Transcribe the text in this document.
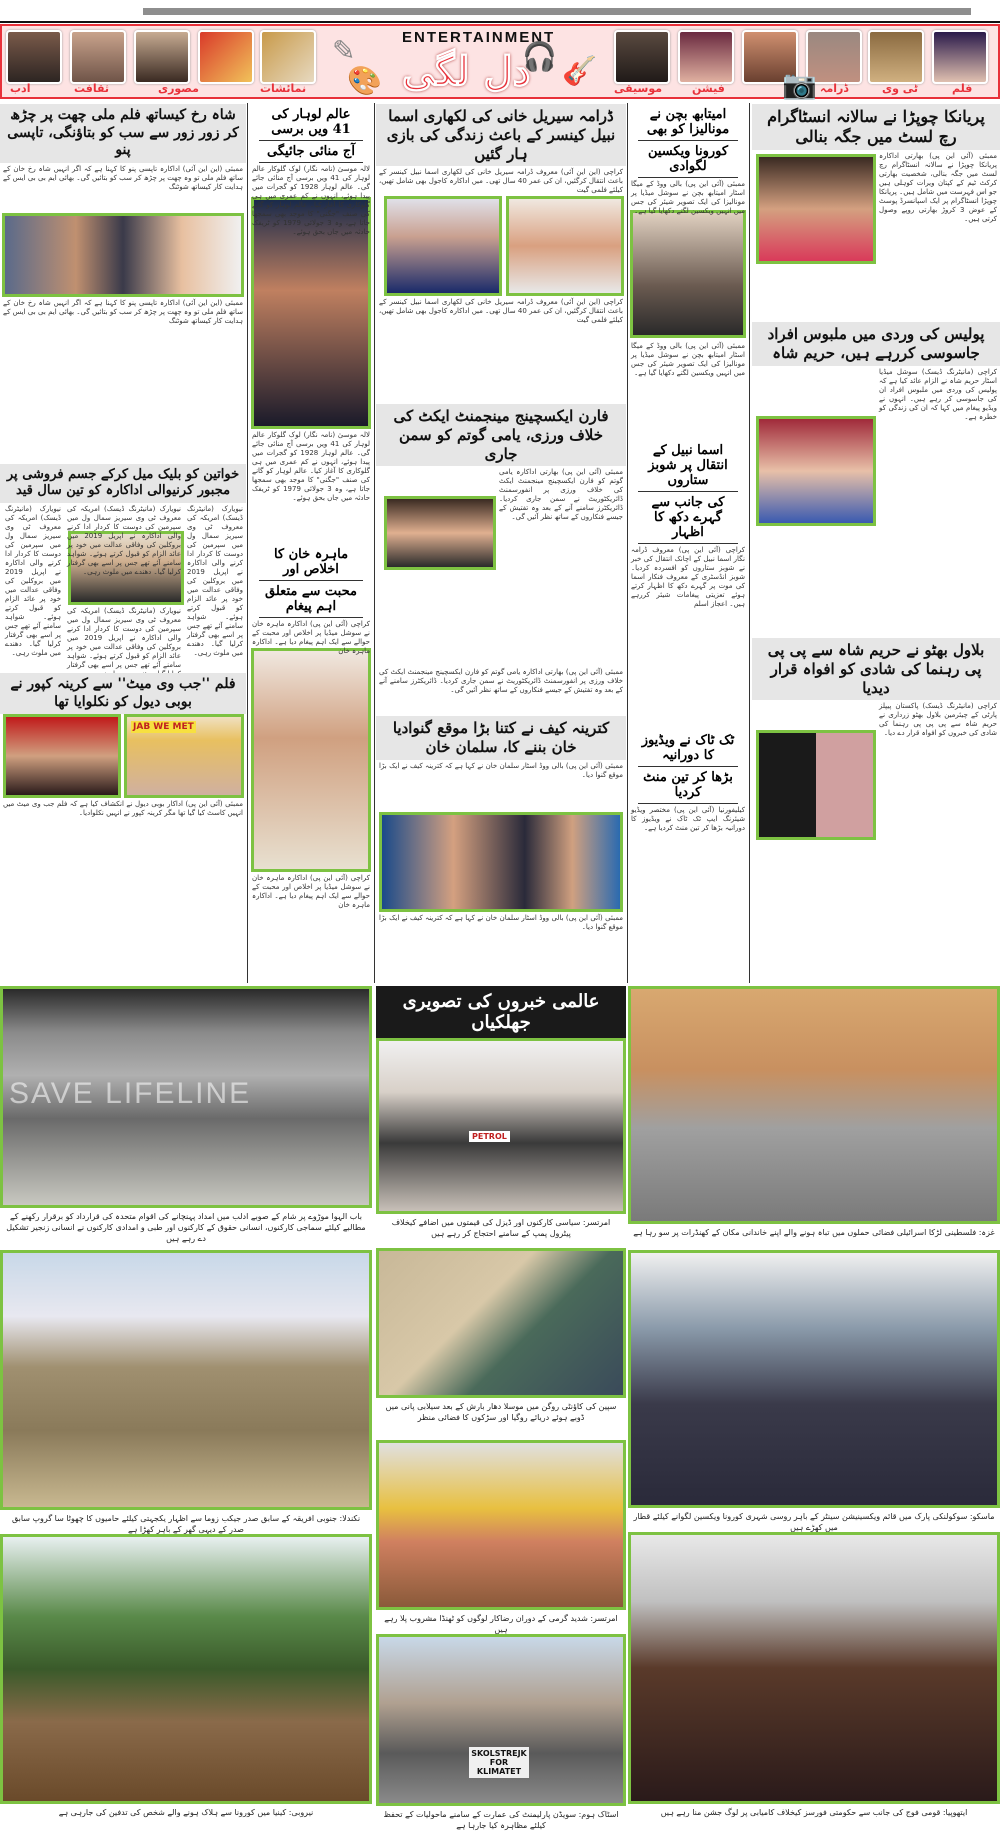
✎
🎨
ادب	ثقافت	مصوری	نمائشات
ENTERTAINMENT
دل لگی
🎧 🎸
موسیقی	فیشن	ڈرامہ	ٹی وی	فلم
📷
پریانکا چوپڑا نے سالانہ انسٹاگرام رچ لسٹ میں جگہ بنالی
ممبئی (آئی این پی) بھارتی اداکارہ پریانکا چوپڑا نے سالانہ انسٹاگرام رچ لسٹ میں جگہ بنالی، شخصیت بھارتی کرکٹ ٹیم کے کپتان ویرات کوہلی ہیں جو اس فہرست میں شامل ہیں۔ پریانکا چوپڑا انسٹاگرام پر ایک اسپانسرڈ پوسٹ کے عوض 3 کروڑ بھارتی روپے وصول کرتی ہیں۔
پولیس کی وردی میں ملبوس افراد جاسوسی کررہے ہیں، حریم شاہ
کراچی (مانیٹرنگ ڈیسک) سوشل میڈیا اسٹار حریم شاہ نے الزام عائد کیا ہے کہ پولیس کی وردی میں ملبوس افراد ان کی جاسوسی کر رہے ہیں۔ انہوں نے ویڈیو پیغام میں کہا کہ ان کی زندگی کو خطرہ ہے۔
بلاول بھٹو نے حریم شاہ سے پی پی پی رہنما کی شادی کو افواہ قرار دیدیا
کراچی (مانیٹرنگ ڈیسک) پاکستان پیپلز پارٹی کے چیئرمین بلاول بھٹو زرداری نے حریم شاہ سے پی پی پی رہنما کی شادی کی خبروں کو افواہ قرار دے دیا۔
امیتابھ بچن نے مونالیزا کو بھی
کورونا ویکسین لگوادی
ممبئی (آئی این پی) بالی ووڈ کے میگا اسٹار امیتابھ بچن نے سوشل میڈیا پر مونالیزا کی ایک تصویر شیئر کی جس میں انہیں ویکسین لگتے دکھایا گیا ہے۔
ممبئی (آئی این پی) بالی ووڈ کے میگا اسٹار امیتابھ بچن نے سوشل میڈیا پر مونالیزا کی ایک تصویر شیئر کی جس میں انہیں ویکسین لگتے دکھایا گیا ہے۔
اسما نبیل کے انتقال پر شوبز ستاروں
کی جانب سے گہرے دکھ کا اظہار
کراچی (آئی این پی) معروف ڈرامہ نگار اسما نبیل کے اچانک انتقال کی خبر نے شوبز ستاروں کو افسردہ کردیا۔ شوبز انڈسٹری کے معروف فنکار اسما کی موت پر گہرے دکھ کا اظہار کرتے ہوئے تعزیتی پیغامات شیئر کررہے ہیں۔ اعجاز اسلم
ٹک ٹاک نے ویڈیوز کا دورانیہ
بڑھا کر تین منٹ کردیا
کیلیفورنیا (آئی این پی) مختصر ویڈیو شیئرنگ ایپ ٹک ٹاک نے ویڈیوز کا دورانیہ بڑھا کر تین منٹ کردیا ہے۔
ڈرامہ سیریل خانی کی لکھاری اسما نبیل کینسر کے باعث زندگی کی بازی ہار گئیں
کراچی (این این آئی) معروف ڈرامہ سیریل خانی کی لکھاری اسما نبیل کینسر کے باعث انتقال کرگئیں، ان کی عمر 40 سال تھی۔ میں اداکارہ کاجول بھی شامل تھیں، کیلئے فلمی گیت
کراچی (این این آئی) معروف ڈرامہ سیریل خانی کی لکھاری اسما نبیل کینسر کے باعث انتقال کرگئیں، ان کی عمر 40 سال تھی۔ میں اداکارہ کاجول بھی شامل تھیں، کیلئے فلمی گیت
فارن ایکسچینج مینجمنٹ ایکٹ کی خلاف ورزی، یامی گوتم کو سمن جاری
ممبئی (آئی این پی) بھارتی اداکارہ یامی گوتم کو فارن ایکسچینج مینجمنٹ ایکٹ کی خلاف ورزی پر انفورسمنٹ ڈائریکٹوریٹ نے سمن جاری کردیا۔ ڈائریکٹرز سامنے آنے کے بعد وہ تفتیش کے جیسے فنکاروں کے ساتھ نظر آئیں گی۔
ممبئی (آئی این پی) بھارتی اداکارہ یامی گوتم کو فارن ایکسچینج مینجمنٹ ایکٹ کی خلاف ورزی پر انفورسمنٹ ڈائریکٹوریٹ نے سمن جاری کردیا۔ ڈائریکٹرز سامنے آنے کے بعد وہ تفتیش کے جیسے فنکاروں کے ساتھ نظر آئیں گی۔
کترینہ کیف نے کتنا بڑا موقع گنوادیا خان بننے کا، سلمان خان
ممبئی (آئی این پی) بالی ووڈ اسٹار سلمان خان نے کہا ہے کہ کترینہ کیف نے ایک بڑا موقع گنوا دیا۔
ممبئی (آئی این پی) بالی ووڈ اسٹار سلمان خان نے کہا ہے کہ کترینہ کیف نے ایک بڑا موقع گنوا دیا۔
عالم لوہار کی 41 ویں برسی
آج منائی جائیگی
لالہ موسیٰ (نامہ نگار) لوک گلوکار عالم لوہار کی 41 ویں برسی آج منائی جائے گی۔ عالم لوہار 1928 کو گجرات میں پیدا ہوئے، انہوں نے کم عمری میں ہی گلوکاری کا آغاز کیا۔ عالم لوہار کو گانے کی صنف "جگنی" کا موجد بھی سمجھا جاتا ہے، وہ 3 جولائی 1979 کو ٹریفک حادثہ میں جاں بحق ہوئے۔
لالہ موسیٰ (نامہ نگار) لوک گلوکار عالم لوہار کی 41 ویں برسی آج منائی جائے گی۔ عالم لوہار 1928 کو گجرات میں پیدا ہوئے، انہوں نے کم عمری میں ہی گلوکاری کا آغاز کیا۔ عالم لوہار کو گانے کی صنف "جگنی" کا موجد بھی سمجھا جاتا ہے، وہ 3 جولائی 1979 کو ٹریفک حادثہ میں جاں بحق ہوئے۔
ماہرہ خان کا اخلاص اور
محبت سے متعلق اہم پیغام
کراچی (آئی این پی) اداکارہ ماہرہ خان نے سوشل میڈیا پر اخلاص اور محبت کے حوالے سے ایک اہم پیغام دیا ہے۔ اداکارہ ماہرہ خان
کراچی (آئی این پی) اداکارہ ماہرہ خان نے سوشل میڈیا پر اخلاص اور محبت کے حوالے سے ایک اہم پیغام دیا ہے۔ اداکارہ ماہرہ خان
شاہ رخ کیساتھ فلم ملی چھت پر چڑھ کر زور زور سے سب کو بتاؤنگی، تاپسی پنو
ممبئی (این این آئی) اداکارہ تاپسی پنو کا کہنا ہے کہ اگر انہیں شاہ رخ خان کے ساتھ فلم ملی تو وہ چھت پر چڑھ کر سب کو بتائیں گی۔ بھائی ایم بی بی ایس کے ہدایت کار کیساتھ شوٹنگ
ممبئی (این این آئی) اداکارہ تاپسی پنو کا کہنا ہے کہ اگر انہیں شاہ رخ خان کے ساتھ فلم ملی تو وہ چھت پر چڑھ کر سب کو بتائیں گی۔ بھائی ایم بی بی ایس کے ہدایت کار کیساتھ شوٹنگ
خواتین کو بلیک میل کرکے جسم فروشی پر مجبور کرنیوالی اداکارہ کو تین سال قید
نیویارک (مانیٹرنگ ڈیسک) امریکہ کی معروف ٹی وی سیریز سمال ول میں سپرمین کی دوست کا کردار ادا کرنے والی اداکارہ نے اپریل 2019 میں بروکلین کی وفاقی عدالت میں خود پر عائد الزام کو قبول کرتے ہوئے۔ شواہد سامنے آئے تھے جس پر اسے بھی گرفتار کرلیا گیا۔ دھندے میں ملوث رہی۔
نیویارک (مانیٹرنگ ڈیسک) امریکہ کی معروف ٹی وی سیریز سمال ول میں سپرمین کی دوست کا کردار ادا کرنے والی اداکارہ نے اپریل 2019 میں بروکلین کی وفاقی عدالت میں خود پر عائد الزام کو قبول کرتے ہوئے۔ شواہد سامنے آئے تھے جس پر اسے بھی گرفتار کرلیا گیا۔ دھندے میں ملوث رہی۔
نیویارک (مانیٹرنگ ڈیسک) امریکہ کی معروف ٹی وی سیریز سمال ول میں سپرمین کی دوست کا کردار ادا کرنے والی اداکارہ نے اپریل 2019 میں بروکلین کی وفاقی عدالت میں خود پر عائد الزام کو قبول کرتے ہوئے۔ شواہد سامنے آئے تھے جس پر اسے بھی گرفتار
نیویارک (مانیٹرنگ ڈیسک) امریکہ کی معروف ٹی وی سیریز سمال ول میں سپرمین کی دوست کا کردار ادا کرنے والی اداکارہ نے اپریل 2019 میں بروکلین کی وفاقی عدالت میں خود پر عائد الزام کو قبول کرتے ہوئے۔ شواہد سامنے آئے تھے جس پر اسے بھی گرفتار کرلیا گیا۔ دھندے میں ملوث رہی۔
فلم ''جب وی میٹ'' سے کرینہ کپور نے بوبی دیول کو نکلوایا تھا
JAB WE MET
ممبئی (آئی این پی) اداکار بوبی دیول نے انکشاف کیا ہے کہ فلم جب وی میٹ میں انہیں کاسٹ کیا گیا تھا مگر کرینہ کپور نے انہیں نکلوادیا۔
SAVE LIFELINE
باب الہوا موڑوے پر شام کے صوبے ادلب میں امداد پہنچانے کی اقوام متحدہ کی قرارداد کو برقرار رکھنے کے مطالبے کیلئے سماجی کارکنوں، انسانی حقوق کے کارکنوں اور طبی و امدادی کارکنوں نے انسانی زنجیر تشکیل دے رہے ہیں
نکندلا: جنوبی افریقہ کے سابق صدر جیکب زوما سے اظہار یکجہتی کیلئے حامیوں کا چھوٹا سا گروپ سابق صدر کے دیہی گھر کے باہر کھڑا ہے
نیروبی: کینیا میں کورونا سے ہلاک ہونے والے شخص کی تدفین کی جارہی ہے
عالمی خبروں کی تصویری جھلکیاں
PETROL
امرتسر: سیاسی کارکنوں اور ڈیزل کی قیمتوں میں اضافے کیخلاف پیٹرول پمپ کے سامنے احتجاج کر رہے ہیں
سپین کی کاؤنٹی روگن میں موسلا دھار بارش کے بعد سیلابی پانی میں ڈوبے ہوئے دریائے روگیا اور سڑکوں کا فضائی منظر
امرتسر: شدید گرمی کے دوران رضاکار لوگوں کو ٹھنڈا مشروب پلا رہے ہیں
SKOLSTREJK FOR KLIMATET
اسٹاک ہوم: سویڈن پارلیمنٹ کی عمارت کے سامنے ماحولیات کے تحفظ کیلئے مظاہرہ کیا جارہا ہے
غزہ: فلسطینی لڑکا اسرائیلی فضائی حملوں میں تباہ ہونے والے اپنے خاندانی مکان کے کھنڈرات پر سو رہا ہے
ماسکو: سوکولنکی پارک میں قائم ویکسینیشن سینٹر کے باہر روسی شہری کورونا ویکسین لگوانے کیلئے قطار میں کھڑے ہیں
ایتھوپیا: قومی فوج کی جانب سے حکومتی فورسز کیخلاف کامیابی پر لوگ جشن منا رہے ہیں
